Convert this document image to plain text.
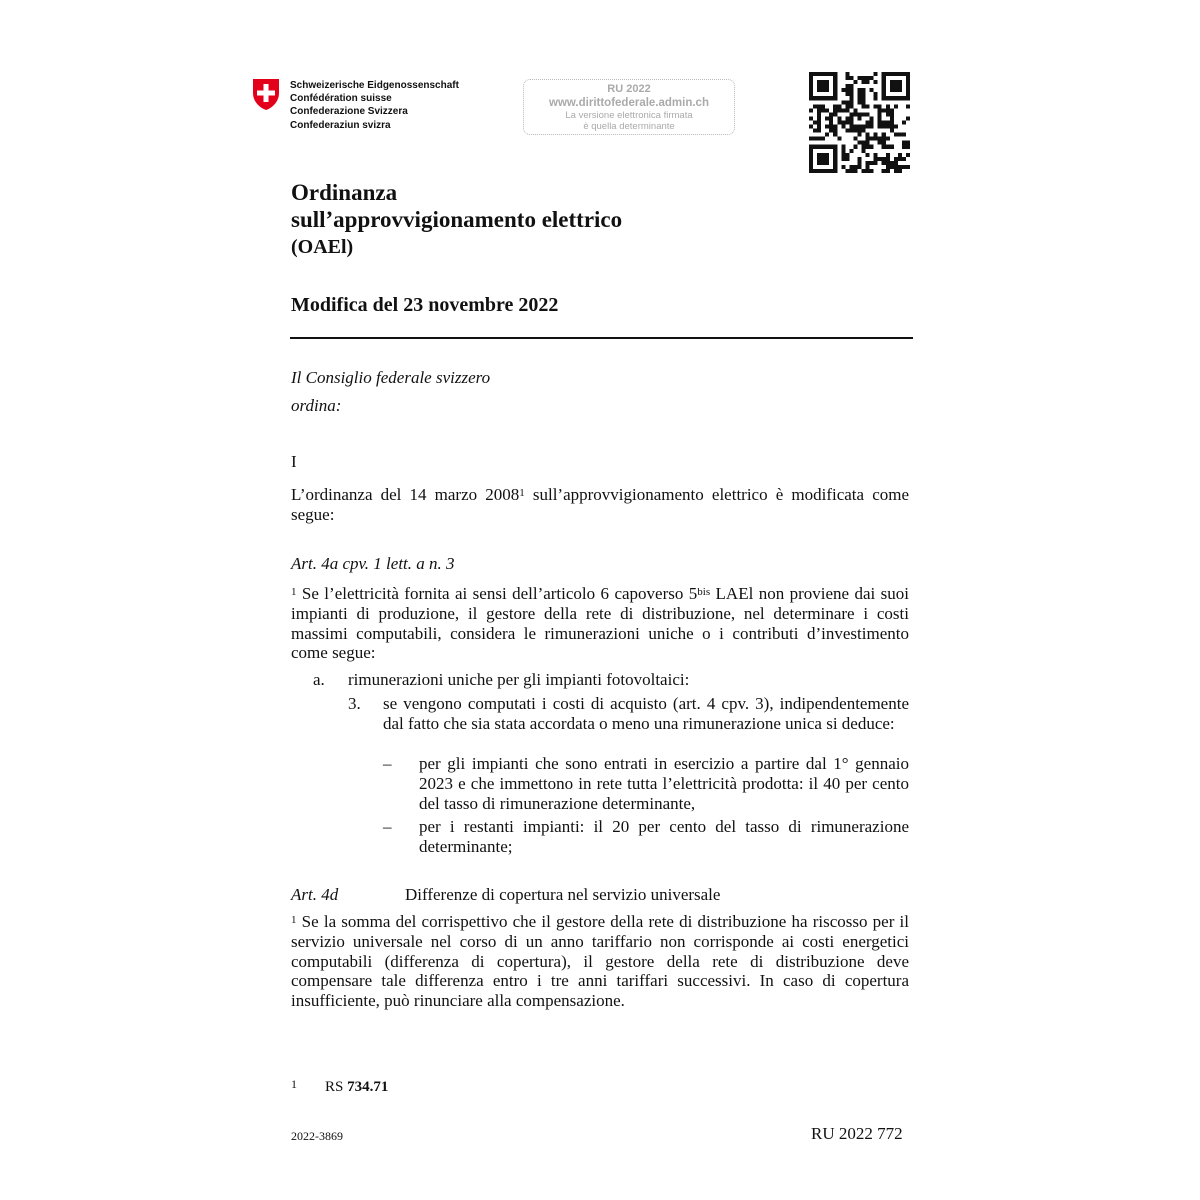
Schweizerische Eidgenossenschaft
Confédération suisse
Confederazione Svizzera
Confederaziun svizra
RU 2022
www.dirittofederale.admin.ch
La versione elettronica firmata
è quella determinante
Ordinanza
sull’approvvigionamento elettrico
(OAEl)
Modifica del 23 novembre 2022
Il Consiglio federale svizzero
ordina:
I
L’ordinanza del 14 marzo 2008$^1$ sull’approvvigionamento elettrico è modificata come segue:
Art. 4a cpv. 1 lett. a n. 3
$^1$ Se l’elettricità fornita ai sensi dell’articolo 6 capoverso $5^{bis}$ LAEl non proviene dai suoi impianti di produzione, il gestore della rete di distribuzione, nel determinare i costi massimi computabili, considera le rimunerazioni uniche o i contributi d’investimento come segue:
a. rimunerazioni uniche per gli impianti fotovoltaici:
3. se vengono computati i costi di acquisto (art. 4 cpv. 3), indipendentemente dal fatto che sia stata accordata o meno una rimunerazione unica si deduce:
– per gli impianti che sono entrati in esercizio a partire dal 1° gennaio 2023 e che immettono in rete tutta l’elettricità prodotta: il 40 per cento del tasso di rimunerazione determinante,
– per i restanti impianti: il 20 per cento del tasso di rimunerazione determinante;
Art. 4d	Differenze di copertura nel servizio universale
$^1$ Se la somma del corrispettivo che il gestore della rete di distribuzione ha riscosso per il servizio universale nel corso di un anno tariffario non corrisponde ai costi energetici computabili (differenza di copertura), il gestore della rete di distribuzione deve compensare tale differenza entro i tre anni tariffari successivi. In caso di copertura insufficiente, può rinunciare alla compensazione.
1 RS 734.71
2022-3869	RU 2022 772
